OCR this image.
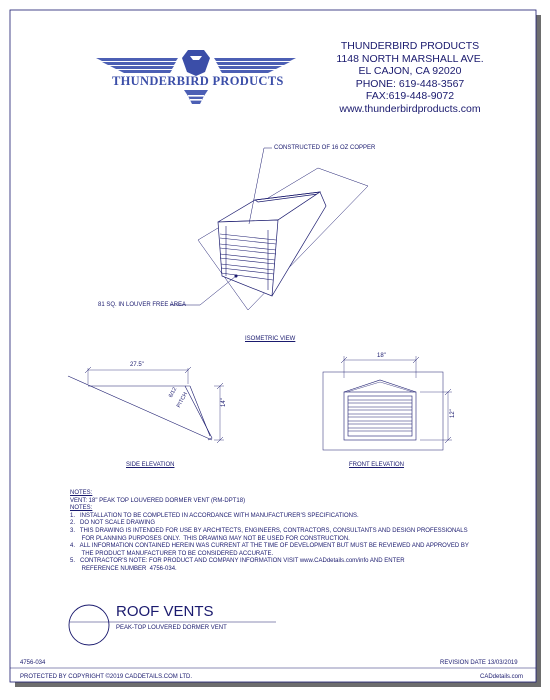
THUNDERBIRD PRODUCTS
THUNDERBIRD PRODUCTS
1148 NORTH MARSHALL AVE.
EL CAJON, CA 92020
PHONE: 619-448-3567
FAX:619-448-9072
www.thunderbirdproducts.com
CONSTRUCTED OF 16 OZ COPPER
81 SQ. IN LOUVER FREE AREA
ISOMETRIC VIEW
SIDE ELEVATION	FRONT ELEVATION
27.5"
14"
6/12
PITCH
18"
12"
NOTES:
VENT: 18" PEAK TOP LOUVERED DORMER VENT (RM-DPT18)
NOTES:
1.   INSTALLATION TO BE COMPLETED IN ACCORDANCE WITH MANUFACTURER'S SPECIFICATIONS.
2.   DO NOT SCALE DRAWING
3.   THIS DRAWING IS INTENDED FOR USE BY ARCHITECTS, ENGINEERS, CONTRACTORS, CONSULTANTS AND DESIGN PROFESSIONALS
FOR PLANNING PURPOSES ONLY.  THIS DRAWING MAY NOT BE USED FOR CONSTRUCTION.
4.   ALL INFORMATION CONTAINED HEREIN WAS CURRENT AT THE TIME OF DEVELOPMENT BUT MUST BE REVIEWED AND APPROVED BY
THE PRODUCT MANUFACTURER TO BE CONSIDERED ACCURATE.
5.   CONTRACTOR'S NOTE: FOR PRODUCT AND COMPANY INFORMATION VISIT www.CADdetails.com/info AND ENTER
REFERENCE NUMBER  4756-034.
ROOF VENTS
PEAK-TOP LOUVERED DORMER VENT
4756-034	REVISION DATE 13/03/2019
PROTECTED BY COPYRIGHT ©2019 CADDETAILS.COM LTD.	CADdetails.com
